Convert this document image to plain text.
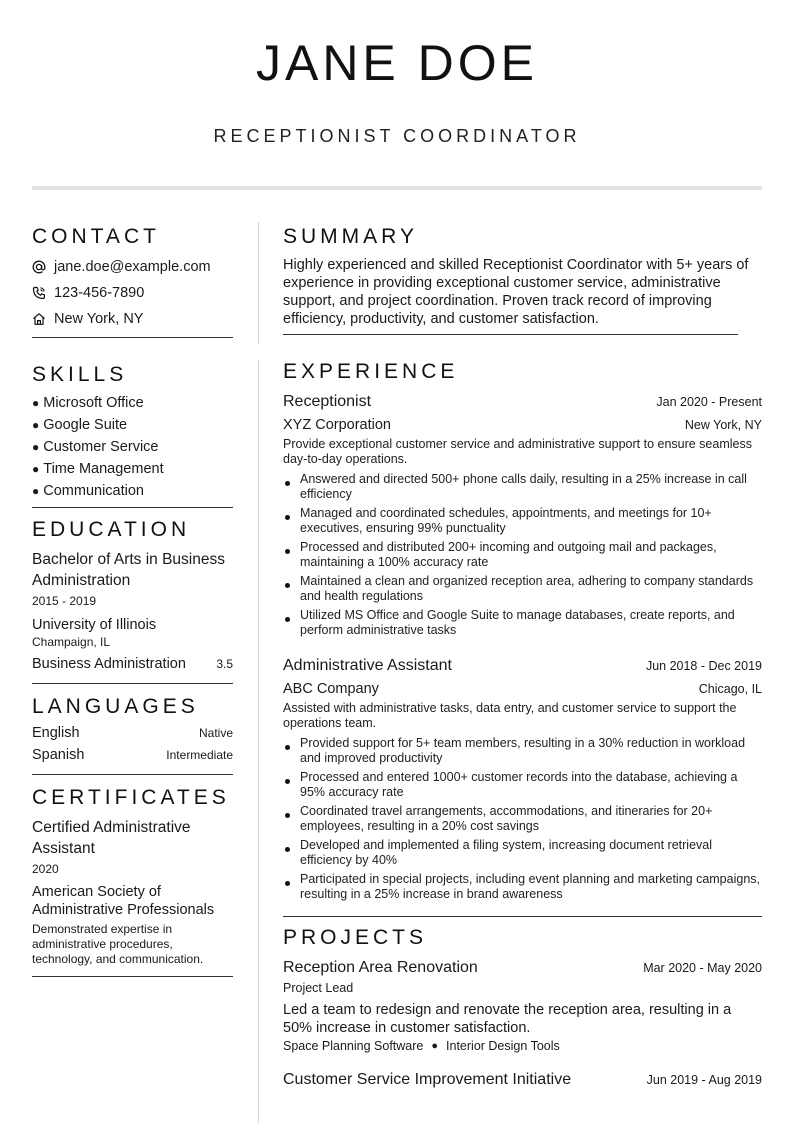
JANE DOE
RECEPTIONIST COORDINATOR
CONTACT
jane.doe@example.com
123-456-7890
New York, NY
SKILLS
● Microsoft Office
● Google Suite
● Customer Service
● Time Management
● Communication
EDUCATION
Bachelor of Arts in Business Administration
2015 - 2019
University of Illinois
Champaign, IL
Business Administration	3.5
LANGUAGES
English	Native
Spanish	Intermediate
CERTIFICATES
Certified Administrative Assistant
2020
American Society of Administrative Professionals
Demonstrated expertise in administrative procedures, technology, and communication.
SUMMARY
Highly experienced and skilled Receptionist Coordinator with 5+ years of experience in providing exceptional customer service, administrative support, and project coordination. Proven track record of improving efficiency, productivity, and customer satisfaction.
EXPERIENCE
Receptionist	Jan 2020 - Present
XYZ Corporation	New York, NY
Provide exceptional customer service and administrative support to ensure seamless day-to-day operations.
Answered and directed 500+ phone calls daily, resulting in a 25% increase in call efficiency
Managed and coordinated schedules, appointments, and meetings for 10+ executives, ensuring 99% punctuality
Processed and distributed 200+ incoming and outgoing mail and packages, maintaining a 100% accuracy rate
Maintained a clean and organized reception area, adhering to company standards and health regulations
Utilized MS Office and Google Suite to manage databases, create reports, and perform administrative tasks
Administrative Assistant	Jun 2018 - Dec 2019
ABC Company	Chicago, IL
Assisted with administrative tasks, data entry, and customer service to support the operations team.
Provided support for 5+ team members, resulting in a 30% reduction in workload and improved productivity
Processed and entered 1000+ customer records into the database, achieving a 95% accuracy rate
Coordinated travel arrangements, accommodations, and itineraries for 20+ employees, resulting in a 20% cost savings
Developed and implemented a filing system, increasing document retrieval efficiency by 40%
Participated in special projects, including event planning and marketing campaigns, resulting in a 25% increase in brand awareness
PROJECTS
Reception Area Renovation	Mar 2020 - May 2020
Project Lead
Led a team to redesign and renovate the reception area, resulting in a 50% increase in customer satisfaction.
Space Planning Software ● Interior Design Tools
Customer Service Improvement Initiative	Jun 2019 - Aug 2019
